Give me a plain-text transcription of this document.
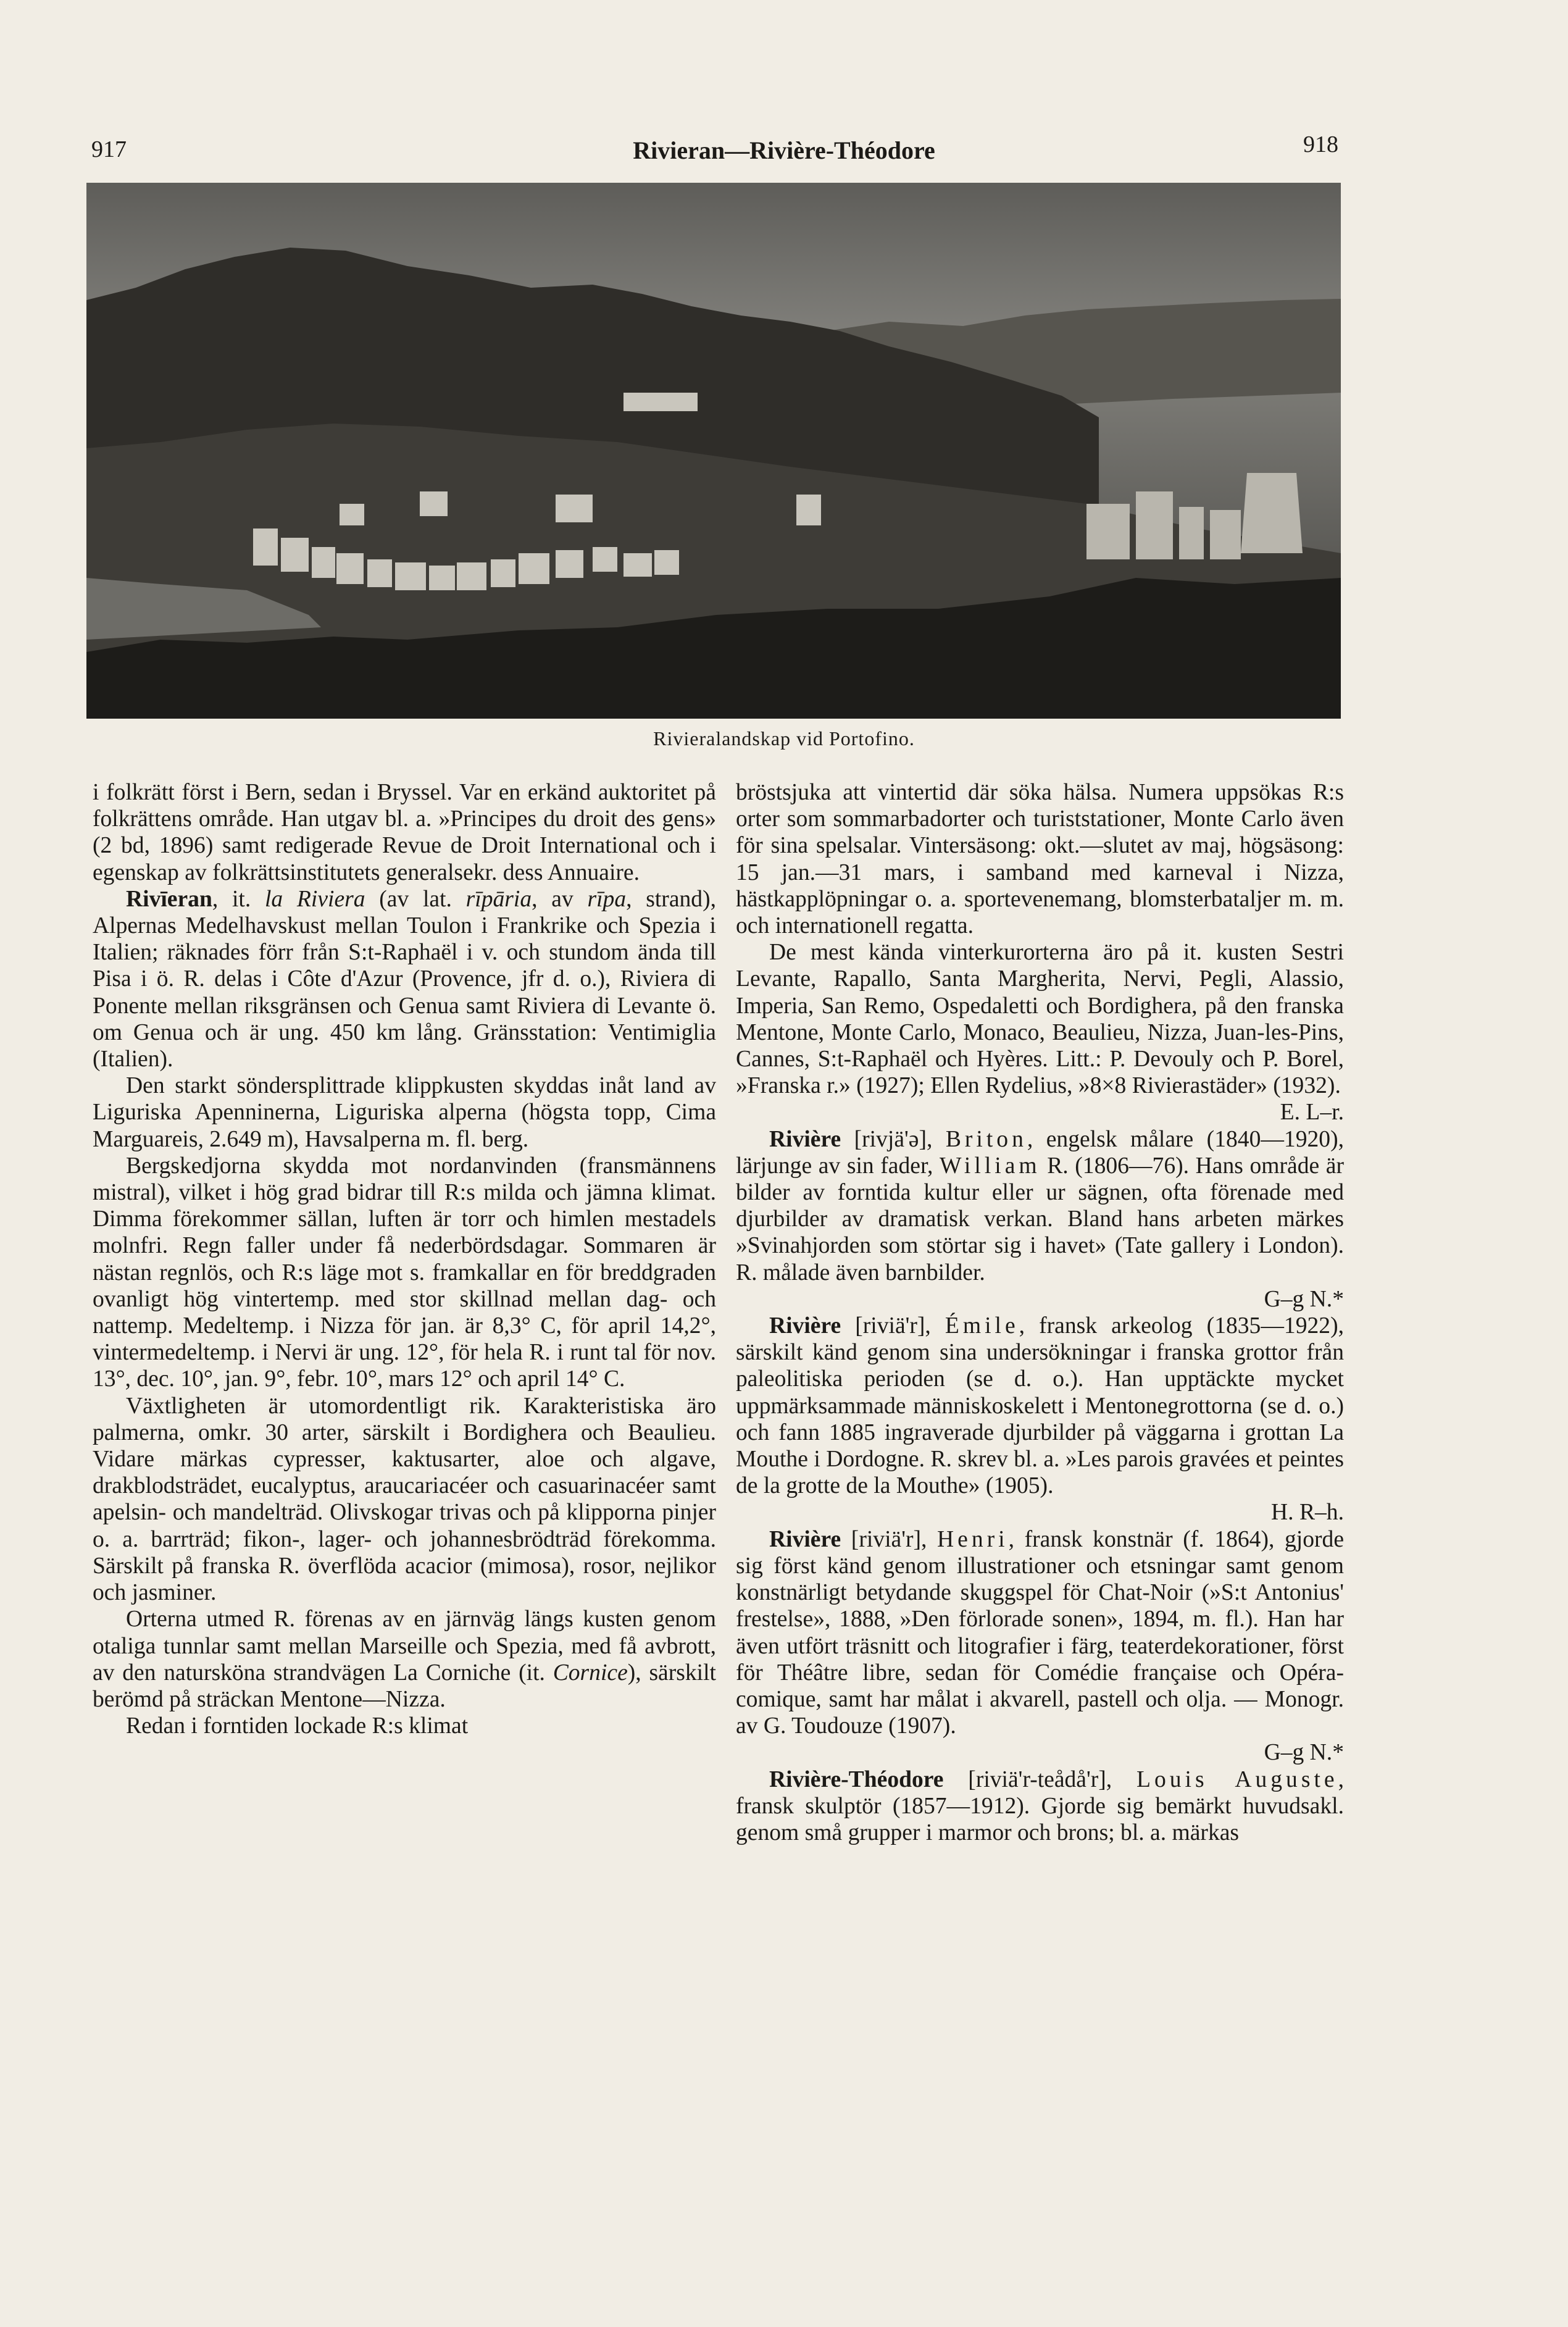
917	Rivieran—Rivière-Théodore	918
Rivieralandskap vid Portofino.

i folkrätt först i Bern, sedan i Bryssel. Var en erkänd auktoritet på folkrättens område. Han utgav bl. a. »Principes du droit des gens» (2 bd, 1896) samt redigerade Revue de Droit International och i egenskap av folkrättsinstitutets generalsekr. dess Annuaire.

Rivīeran, it. la Riviera (av lat. rīpāria, av rīpa, strand), Alpernas Medelhavskust mellan Toulon i Frankrike och Spezia i Italien; räknades förr från S:t-Raphaël i v. och stundom ända till Pisa i ö. R. delas i Côte d'Azur (Provence, jfr d. o.), Riviera di Ponente mellan riksgränsen och Genua samt Riviera di Levante ö. om Genua och är ung. 450 km lång. Gränsstation: Ventimiglia (Italien).

Den starkt söndersplittrade klippkusten skyddas inåt land av Liguriska Apenninerna, Liguriska alperna (högsta topp, Cima Marguareis, 2.649 m), Havsalperna m. fl. berg.

Bergskedjorna skydda mot nordanvinden (fransmännens mistral), vilket i hög grad bidrar till R:s milda och jämna klimat. Dimma förekommer sällan, luften är torr och himlen mestadels molnfri. Regn faller under få nederbördsdagar. Sommaren är nästan regnlös, och R:s läge mot s. framkallar en för breddgraden ovanligt hög vintertemp. med stor skillnad mellan dag- och nattemp. Medeltemp. i Nizza för jan. är 8,3° C, för april 14,2°, vintermedeltemp. i Nervi är ung. 12°, för hela R. i runt tal för nov. 13°, dec. 10°, jan. 9°, febr. 10°, mars 12° och april 14° C.

Växtligheten är utomordentligt rik. Karakteristiska äro palmerna, omkr. 30 arter, särskilt i Bordighera och Beaulieu. Vidare märkas cypresser, kaktusarter, aloe och algave, drakblodsträdet, eucalyptus, araucariacéer och casuarinacéer samt apelsin- och mandelträd. Olivskogar trivas och på klipporna pinjer o. a. barrträd; fikon-, lager- och johannesbrödträd förekomma. Särskilt på franska R. överflöda acacior (mimosa), rosor, nejlikor och jasminer.

Orterna utmed R. förenas av en järnväg längs kusten genom otaliga tunnlar samt mellan Marseille och Spezia, med få avbrott, av den natursköna strandvägen La Corniche (it. Cornice), särskilt berömd på sträckan Mentone—Nizza.

Redan i forntiden lockade R:s klimat

bröstsjuka att vintertid där söka hälsa. Numera uppsökas R:s orter som sommarbadorter och turiststationer, Monte Carlo även för sina spelsalar. Vintersäsong: okt.—slutet av maj, högsäsong: 15 jan.—31 mars, i samband med karneval i Nizza, hästkapplöpningar o. a. sportevenemang, blomsterbataljer m. m. och internationell regatta.

De mest kända vinterkurorterna äro på it. kusten Sestri Levante, Rapallo, Santa Margherita, Nervi, Pegli, Alassio, Imperia, San Remo, Ospedaletti och Bordighera, på den franska Mentone, Monte Carlo, Monaco, Beaulieu, Nizza, Juan-les-Pins, Cannes, S:t-Raphaël och Hyères. Litt.: P. Devouly och P. Borel, »Franska r.» (1927); Ellen Rydelius, »8×8 Rivierastäder» (1932).
E. L–r.

Rivière [rivjä'ə], Briton, engelsk målare (1840—1920), lärjunge av sin fader, William R. (1806—76). Hans område är bilder av forntida kultur eller ur sägnen, ofta förenade med djurbilder av dramatisk verkan. Bland hans arbeten märkes »Svinahjorden som störtar sig i havet» (Tate gallery i London). R. målade även barnbilder.
G–g N.*

Rivière [riviä'r], Émile, fransk arkeolog (1835—1922), särskilt känd genom sina undersökningar i franska grottor från paleolitiska perioden (se d. o.). Han upptäckte mycket uppmärksammade människoskelett i Mentonegrottorna (se d. o.) och fann 1885 ingraverade djurbilder på väggarna i grottan La Mouthe i Dordogne. R. skrev bl. a. »Les parois gravées et peintes de la grotte de la Mouthe» (1905).
H. R–h.

Rivière [riviä'r], Henri, fransk konstnär (f. 1864), gjorde sig först känd genom illustrationer och etsningar samt genom konstnärligt betydande skuggspel för Chat-Noir (»S:t Antonius' frestelse», 1888, »Den förlorade sonen», 1894, m. fl.). Han har även utfört träsnitt och litografier i färg, teaterdekorationer, först för Théâtre libre, sedan för Comédie française och Opéra-comique, samt har målat i akvarell, pastell och olja. — Monogr. av G. Toudouze (1907).
G–g N.*

Rivière-Théodore [riviä'r-teådå'r], Louis Auguste, fransk skulptör (1857—1912). Gjorde sig bemärkt huvudsakl. genom små grupper i marmor och brons; bl. a. märkas
